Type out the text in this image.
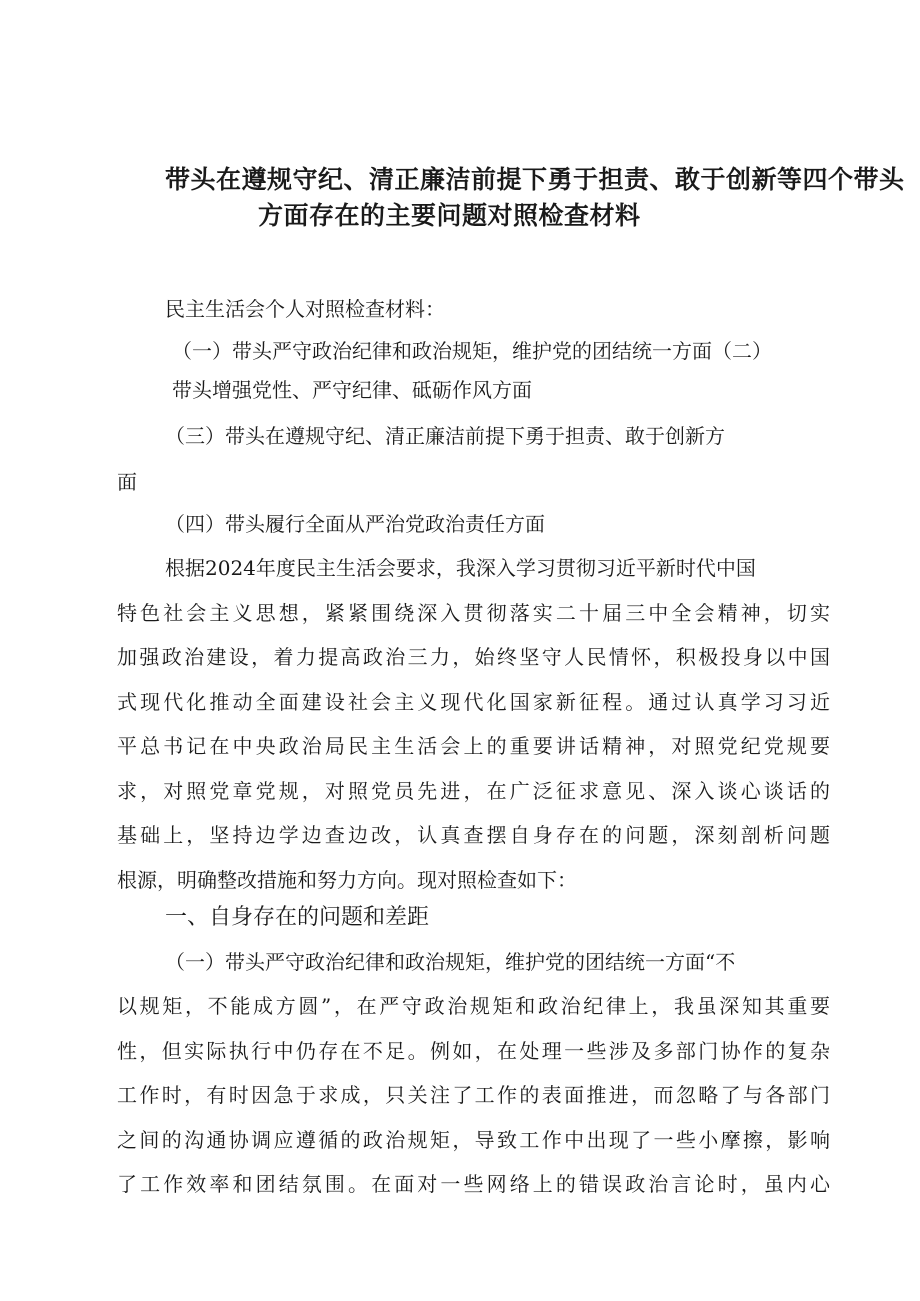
带头在遵规守纪、清正廉洁前提下勇于担责、敢于创新等四个带头

方面存在的主要问题对照检查材料

民主生活会个人对照检查材料：

（一）带头严守政治纪律和政治规矩，维护党的团结统一方面（二）

带头增强党性、严守纪律、砥砺作风方面

（三）带头在遵规守纪、清正廉洁前提下勇于担责、敢于创新方

面

（四）带头履行全面从严治党政治责任方面

根据2024年度民主生活会要求，我深入学习贯彻习近平新时代中国

特色社会主义思想，紧紧围绕深入贯彻落实二十届三中全会精神，切实

加强政治建设，着力提高政治三力，始终坚守人民情怀，积极投身以中国

式现代化推动全面建设社会主义现代化国家新征程。通过认真学习习近

平总书记在中央政治局民主生活会上的重要讲话精神，对照党纪党规要

求，对照党章党规，对照党员先进，在广泛征求意见、深入谈心谈话的

基础上，坚持边学边查边改，认真查摆自身存在的问题，深刻剖析问题

根源，明确整改措施和努力方向。现对照检查如下：

一、自身存在的问题和差距

（一）带头严守政治纪律和政治规矩，维护党的团结统一方面“不

以规矩，不能成方圆”，在严守政治规矩和政治纪律上，我虽深知其重要

性，但实际执行中仍存在不足。例如，在处理一些涉及多部门协作的复杂

工作时，有时因急于求成，只关注了工作的表面推进，而忽略了与各部门

之间的沟通协调应遵循的政治规矩，导致工作中出现了一些小摩擦，影响

了工作效率和团结氛围。在面对一些网络上的错误政治言论时，虽内心
